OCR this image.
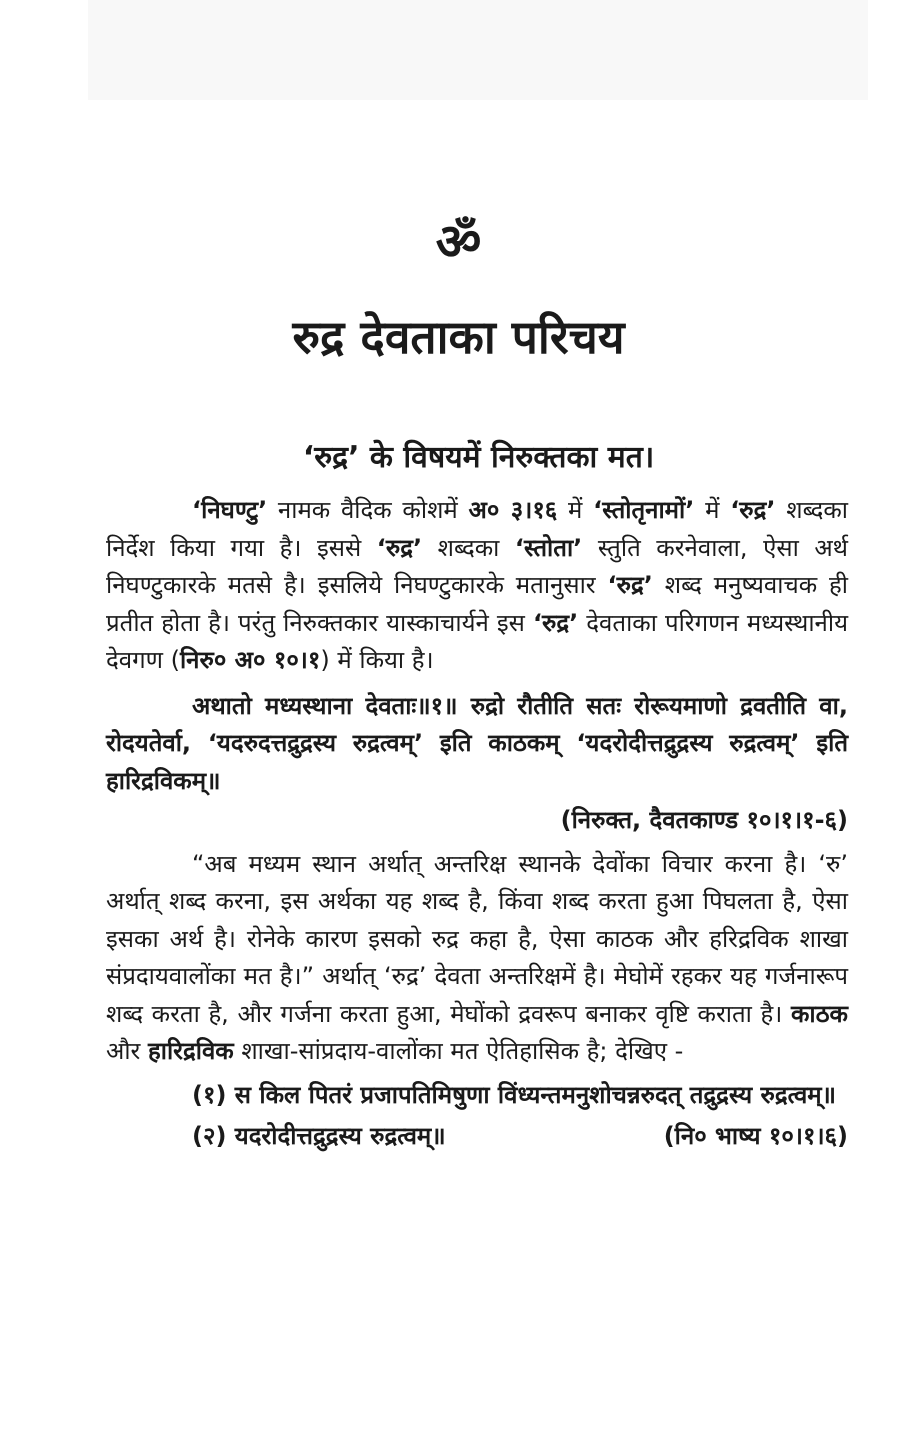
ॐ
रुद्र देवताका परिचय
‘रुद्र’ के विषयमें निरुक्तका मत।

‘निघण्टु’ नामक वैदिक कोशमें अ० ३।१६ में ‘स्तोतृनामों’ में ‘रुद्र’ शब्दका निर्देश किया गया है। इससे ‘रुद्र’ शब्दका ‘स्तोता’ स्तुति करनेवाला, ऐसा अर्थ निघण्टुकारके मतसे है। इसलिये निघण्टुकारके मतानुसार ‘रुद्र’ शब्द मनुष्यवाचक ही प्रतीत होता है। परंतु निरुक्तकार यास्काचार्यने इस ‘रुद्र’ देवताका परिगणन मध्यस्थानीय देवगण (निरु० अ० १०।१) में किया है।

अथातो मध्यस्थाना देवताः॥१॥ रुद्रो रौतीति सतः रोरूयमाणो द्रवतीति वा, रोदयतेर्वा, ‘यदरुदत्तद्रुद्रस्य रुद्रत्वम्’ इति काठकम् ‘यदरोदीत्तद्रुद्रस्य रुद्रत्वम्’ इति हारिद्रविकम्॥

(निरुक्त, दैवतकाण्ड १०।१।१-६)

“अब मध्यम स्थान अर्थात् अन्तरिक्ष स्थानके देवोंका विचार करना है। ‘रु’ अर्थात् शब्द करना, इस अर्थका यह शब्द है, किंवा शब्द करता हुआ पिघलता है, ऐसा इसका अर्थ है। रोनेके कारण इसको रुद्र कहा है, ऐसा काठक और हरिद्रविक शाखा संप्रदायवालोंका मत है।” अर्थात् ‘रुद्र’ देवता अन्तरिक्षमें है। मेघोमें रहकर यह गर्जनारूप शब्द करता है, और गर्जना करता हुआ, मेघोंको द्रवरूप बनाकर वृष्टि कराता है। काठक और हारिद्रविक शाखा-सांप्रदाय-वालोंका मत ऐतिहासिक है; देखिए -

(१) स किल पितरं प्रजापतिमिषुणा विंध्यन्तमनुशोचन्नरुदत् तद्रुद्रस्य रुद्रत्वम्॥

(२) यदरोदीत्तद्रुद्रस्य रुद्रत्वम्॥	(नि० भाष्य १०।१।६)
